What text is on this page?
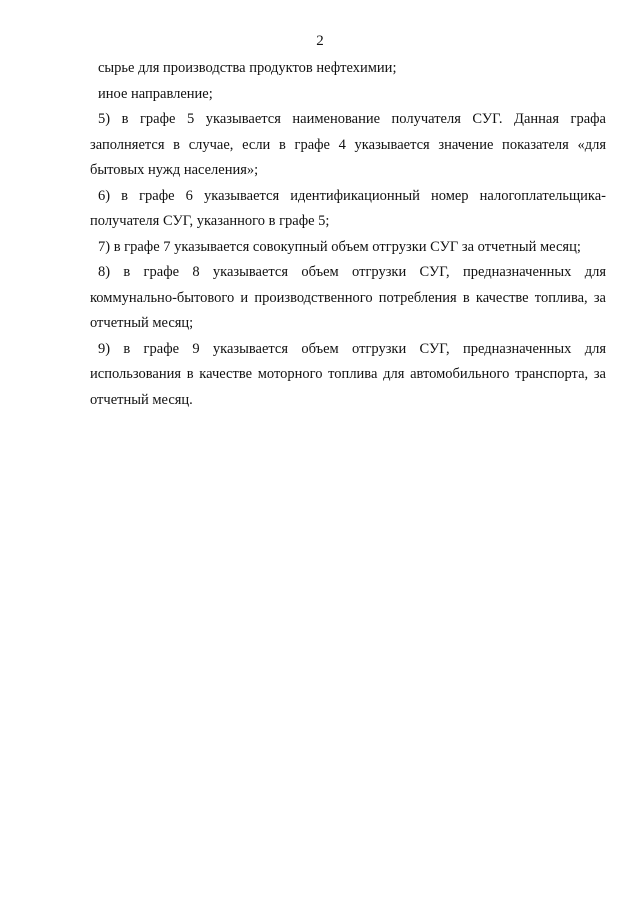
2

сырье для производства продуктов нефтехимии;

иное направление;

5) в графе 5 указывается наименование получателя СУГ. Данная графа заполняется в случае, если в графе 4 указывается значение показателя «для бытовых нужд населения»;

6) в графе 6 указывается идентификационный номер налогоплательщика-получателя СУГ, указанного в графе 5;

7) в графе 7 указывается совокупный объем отгрузки СУГ за отчетный месяц;

8) в графе 8 указывается объем отгрузки СУГ, предназначенных для коммунально-бытового и производственного потребления в качестве топлива, за отчетный месяц;

9) в графе 9 указывается объем отгрузки СУГ, предназначенных для использования в качестве моторного топлива для автомобильного транспорта, за отчетный месяц.
